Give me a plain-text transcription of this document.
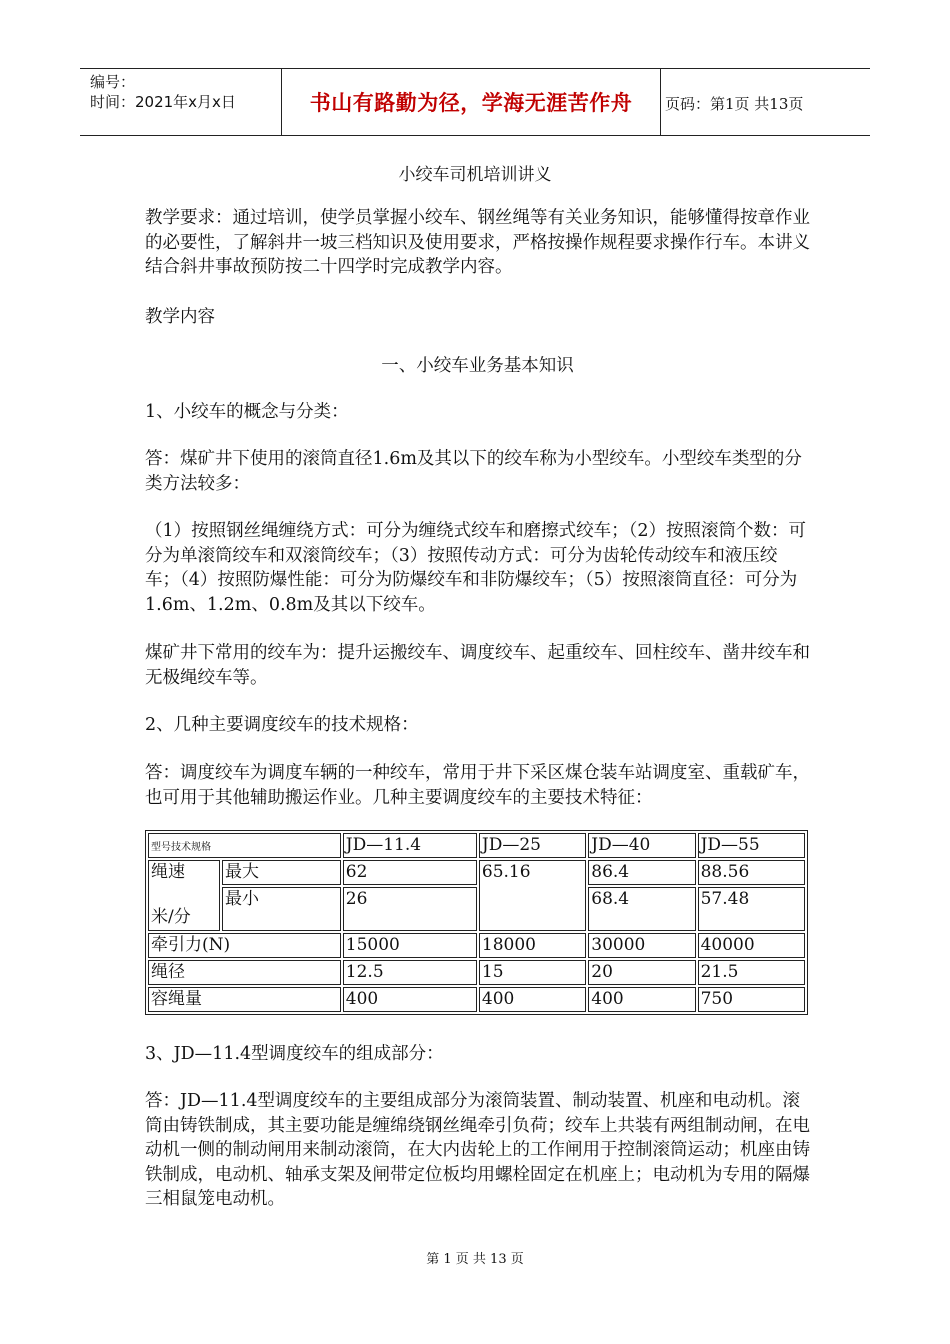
编号：
时间：2021年x月x日	书山有路勤为径，学海无涯苦作舟 页码：第1页 共13页
小绞车司机培训讲义

教学要求：通过培训，使学员掌握小绞车、钢丝绳等有关业务知识，能够懂得按章作业的必要性，了解斜井一坡三档知识及使用要求，严格按操作规程要求操作行车。本讲义结合斜井事故预防按二十四学时完成教学内容。

教学内容

一、小绞车业务基本知识

1、小绞车的概念与分类：

答：煤矿井下使用的滚筒直径1.6m及其以下的绞车称为小型绞车。小型绞车类型的分类方法较多：

（1）按照钢丝绳缠绕方式：可分为缠绕式绞车和磨擦式绞车；（2）按照滚筒个数：可分为单滚筒绞车和双滚筒绞车；（3）按照传动方式：可分为齿轮传动绞车和液压绞车；（4）按照防爆性能：可分为防爆绞车和非防爆绞车；（5）按照滚筒直径：可分为1.6m、1.2m、0.8m及其以下绞车。

煤矿井下常用的绞车为：提升运搬绞车、调度绞车、起重绞车、回柱绞车、凿井绞车和无极绳绞车等。

2、几种主要调度绞车的技术规格：

答：调度绞车为调度车辆的一种绞车，常用于井下采区煤仓装车站调度室、重载矿车，也可用于其他辅助搬运作业。几种主要调度绞车的主要技术特征：

型号技术规格		JD—11.4	JD—25	JD—40	JD—55

绳速
米/分	最大	62	65.16	86.4	88.56
	最小	26		68.4	57.48
牵引力(N)		15000	18000	30000	40000
绳径		12.5	15	20	21.5
容绳量		400	400	400	750

3、JD—11.4型调度绞车的组成部分：

答：JD—11.4型调度绞车的主要组成部分为滚筒装置、制动装置、机座和电动机。滚筒由铸铁制成，其主要功能是缠绵绕钢丝绳牵引负荷；绞车上共装有两组制动闸，在电动机一侧的制动闸用来制动滚筒，在大内齿轮上的工作闸用于控制滚筒运动；机座由铸铁制成，电动机、轴承支架及闸带定位板均用螺栓固定在机座上；电动机为专用的隔爆三相鼠笼电动机。

第 1 页 共 13 页
